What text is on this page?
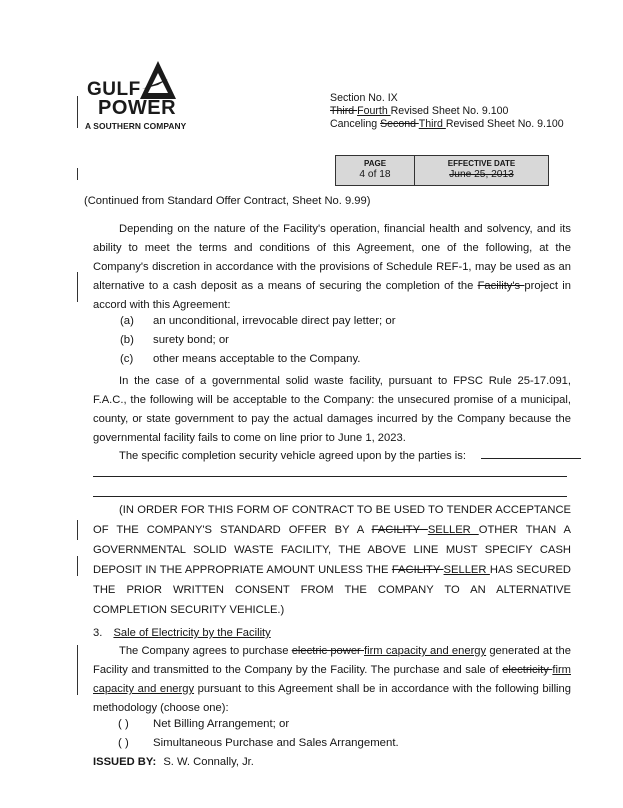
GULF
POWER
A SOUTHERN COMPANY
Section No. IX
Third Fourth Revised Sheet No. 9.100
Canceling Second Third Revised Sheet No. 9.100
PAGE
4 of 18
EFFECTIVE DATE
June 25, 2013
(Continued from Standard Offer Contract, Sheet No. 9.99)
Depending on the nature of the Facility's operation, financial health and solvency, and its ability to meet the terms and conditions of this Agreement, one of the following, at the Company's discretion in accordance with the provisions of Schedule REF-1, may be used as an alternative to a cash deposit as a means of securing the completion of the Facility's project in accord with this Agreement:
(a) an unconditional, irrevocable direct pay letter; or
(b) surety bond; or
(c) other means acceptable to the Company.
In the case of a governmental solid waste facility, pursuant to FPSC Rule 25-17.091, F.A.C., the following will be acceptable to the Company: the unsecured promise of a municipal, county, or state government to pay the actual damages incurred by the Company because the governmental facility fails to come on line prior to June 1, 2023.
The specific completion security vehicle agreed upon by the parties is:
(IN ORDER FOR THIS FORM OF CONTRACT TO BE USED TO TENDER ACCEPTANCE OF THE COMPANY'S STANDARD OFFER BY A FACILITY SELLER OTHER THAN A GOVERNMENTAL SOLID WASTE FACILITY, THE ABOVE LINE MUST SPECIFY CASH DEPOSIT IN THE APPROPRIATE AMOUNT UNLESS THE FACILITY SELLER HAS SECURED THE PRIOR WRITTEN CONSENT FROM THE COMPANY TO AN ALTERNATIVE COMPLETION SECURITY VEHICLE.)
3. Sale of Electricity by the Facility
The Company agrees to purchase electric power firm capacity and energy generated at the Facility and transmitted to the Company by the Facility. The purchase and sale of electricity firm capacity and energy pursuant to this Agreement shall be in accordance with the following billing methodology (choose one):
( ) Net Billing Arrangement; or
( ) Simultaneous Purchase and Sales Arrangement.
ISSUED BY: S. W. Connally, Jr.
